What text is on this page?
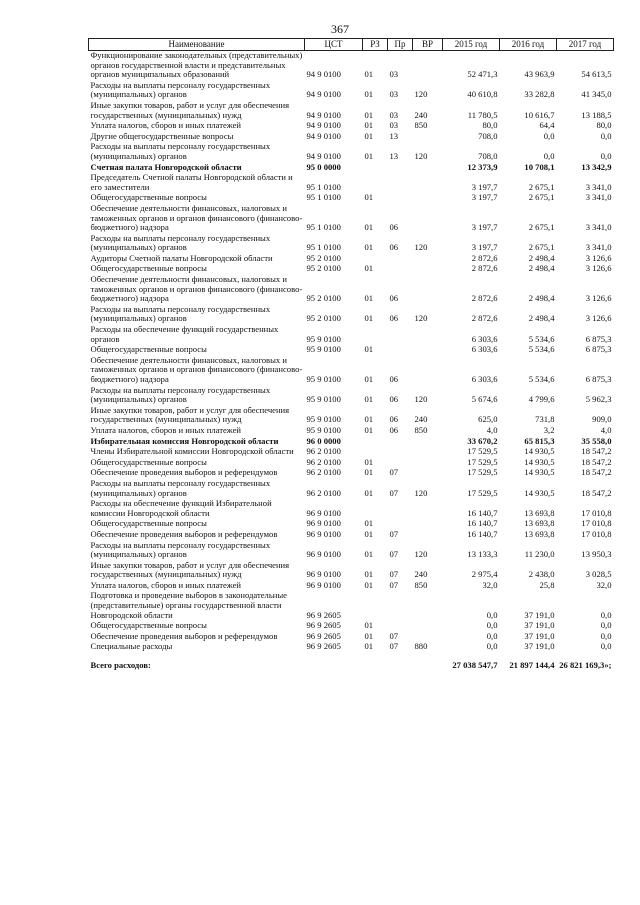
367
Наименование	ЦСТ	РЗ	Пр	ВР	2015 год	2016 год	2017 год
Функционирование законодательных (представительных) органов государственной власти и представительных органов муниципальных образований	94 9 0100	01	03		52 471,3	43 963,9	54 613,5
Расходы на выплаты персоналу государственных (муниципальных) органов	94 9 0100	01	03	120	40 610,8	33 282,8	41 345,0
Иные закупки товаров, работ и услуг для обеспечения государственных (муниципальных) нужд	94 9 0100	01	03	240	11 780,5	10 616,7	13 188,5
Уплата налогов, сборов и иных платежей	94 9 0100	01	03	850	80,0	64,4	80,0
Другие общегосударственные вопросы	94 9 0100	01	13		708,0	0,0	0,0
Расходы на выплаты персоналу государственных (муниципальных) органов	94 9 0100	01	13	120	708,0	0,0	0,0
Счетная палата Новгородской области	95 0 0000				12 373,9	10 708,1	13 342,9
Председатель Счетной палаты Новгородской области и его заместители	95 1 0100				3 197,7	2 675,1	3 341,0
Общегосударственные вопросы	95 1 0100	01			3 197,7	2 675,1	3 341,0
Обеспечение деятельности финансовых, налоговых и таможенных органов и органов финансового (финансово-бюджетного) надзора	95 1 0100	01	06		3 197,7	2 675,1	3 341,0
Расходы на выплаты персоналу государственных (муниципальных) органов	95 1 0100	01	06	120	3 197,7	2 675,1	3 341,0
Аудиторы Счетной палаты Новгородской области	95 2 0100				2 872,6	2 498,4	3 126,6
Общегосударственные вопросы	95 2 0100	01			2 872,6	2 498,4	3 126,6
Обеспечение деятельности финансовых, налоговых и таможенных органов и органов финансового (финансово-бюджетного) надзора	95 2 0100	01	06		2 872,6	2 498,4	3 126,6
Расходы на выплаты персоналу государственных (муниципальных) органов	95 2 0100	01	06	120	2 872,6	2 498,4	3 126,6
Расходы на обеспечение функций государственных органов	95 9 0100				6 303,6	5 534,6	6 875,3
Общегосударственные вопросы	95 9 0100	01			6 303,6	5 534,6	6 875,3
Обеспечение деятельности финансовых, налоговых и таможенных органов и органов финансового (финансово-бюджетного) надзора	95 9 0100	01	06		6 303,6	5 534,6	6 875,3
Расходы на выплаты персоналу государственных (муниципальных) органов	95 9 0100	01	06	120	5 674,6	4 799,6	5 962,3
Иные закупки товаров, работ и услуг для обеспечения государственных (муниципальных) нужд	95 9 0100	01	06	240	625,0	731,8	909,0
Уплата налогов, сборов и иных платежей	95 9 0100	01	06	850	4,0	3,2	4,0
Избирательная комиссия Новгородской области	96 0 0000				33 670,2	65 815,3	35 558,0
Члены Избирательной комиссии Новгородской области	96 2 0100				17 529,5	14 930,5	18 547,2
Общегосударственные вопросы	96 2 0100	01			17 529,5	14 930,5	18 547,2
Обеспечение проведения выборов и референдумов	96 2 0100	01	07		17 529,5	14 930,5	18 547,2
Расходы на выплаты персоналу государственных (муниципальных) органов	96 2 0100	01	07	120	17 529,5	14 930,5	18 547,2
Расходы на обеспечение функций Избирательной комиссии Новгородской области	96 9 0100				16 140,7	13 693,8	17 010,8
Общегосударственные вопросы	96 9 0100	01			16 140,7	13 693,8	17 010,8
Обеспечение проведения выборов и референдумов	96 9 0100	01	07		16 140,7	13 693,8	17 010,8
Расходы на выплаты персоналу государственных (муниципальных) органов	96 9 0100	01	07	120	13 133,3	11 230,0	13 950,3
Иные закупки товаров, работ и услуг для обеспечения государственных (муниципальных) нужд	96 9 0100	01	07	240	2 975,4	2 438,0	3 028,5
Уплата налогов, сборов и иных платежей	96 9 0100	01	07	850	32,0	25,8	32,0
Подготовка и проведение выборов в законодательные (представительные) органы государственной власти Новгородской области	96 9 2605				0,0	37 191,0	0,0
Общегосударственные вопросы	96 9 2605	01			0,0	37 191,0	0,0
Обеспечение проведения выборов и референдумов	96 9 2605	01	07		0,0	37 191,0	0,0
Специальные расходы	96 9 2605	01	07	880	0,0	37 191,0	0,0
Всего расходов:					27 038 547,7	21 897 144,4	26 821 169,3»;
